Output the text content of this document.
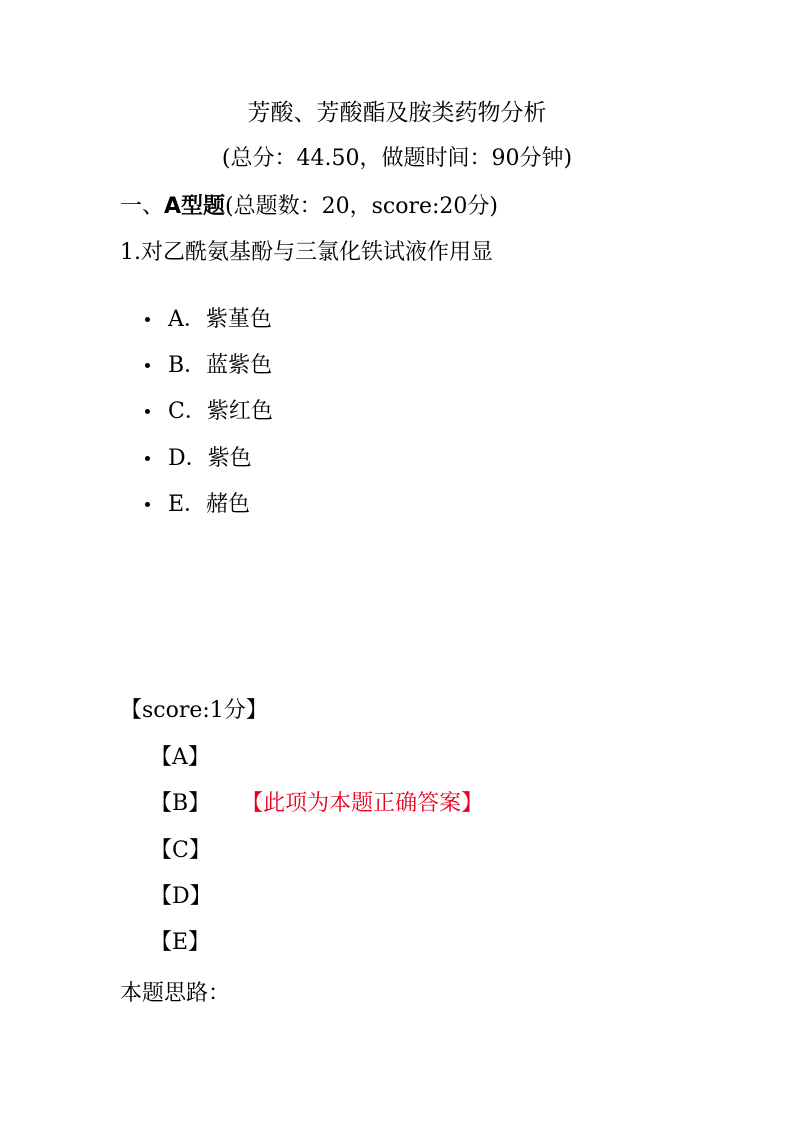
芳酸、芳酸酯及胺类药物分析
(总分：44.50，做题时间：90分钟)
一、A型题(总题数：20，score:20分)
1.对乙酰氨基酚与三氯化铁试液作用显
A．紫堇色
B．蓝紫色
C．紫红色
D．紫色
E．赭色
【score:1分】
【A】
【B】 【此项为本题正确答案】
【C】
【D】
【E】
本题思路：
